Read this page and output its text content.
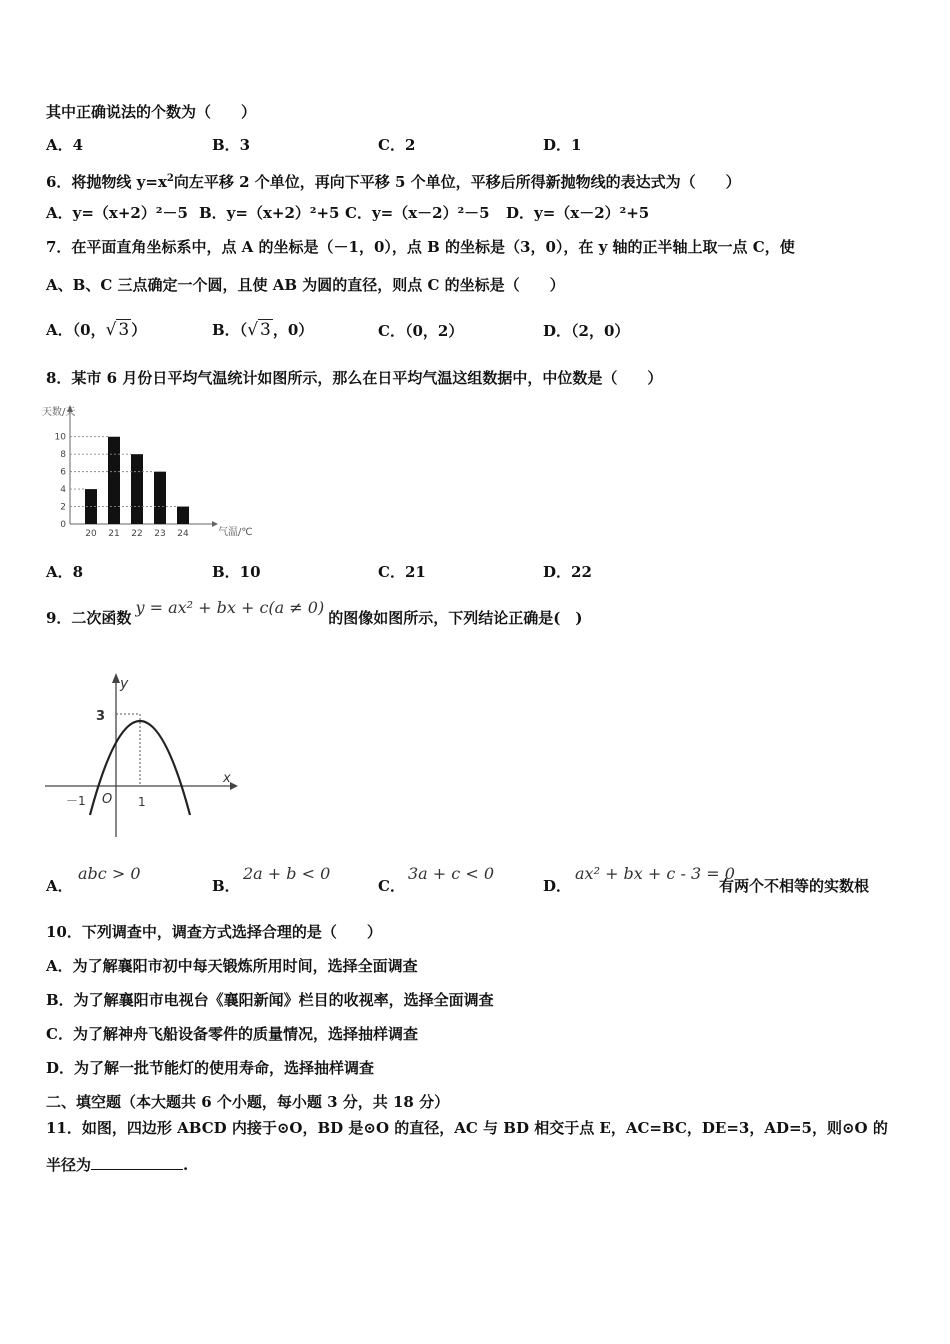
其中正确说法的个数为（　　）
A．4	B．3	C．2	D．1
6．将抛物线 $y=x^2$向左平移 2 个单位，再向下平移 5 个单位，平移后所得新抛物线的表达式为（　　）
A．y=（x+2）²－5 B．y=（x+2）²+5 C．y=（x－2）²－5 D．y=（x－2）²+5
7．在平面直角坐标系中，点 A 的坐标是（－1，0），点 B 的坐标是（3，0），在 y 轴的正半轴上取一点 C，使
A、B、C 三点确定一个圆，且使 AB 为圆的直径，则点 C 的坐标是（　　）
A．（0，√ 3 ）	B．（√ 3 ，0）	C．（0，2）	D．（2，0）
8．某市 6 月份日平均气温统计如图所示，那么在日平均气温这组数据中，中位数是（　　）
天数/天
气温/℃
0
2
4
6
8
10
20 21 22 23 24
A．8	B．10	C．21	D．22
9．二次函数y = ax² + bx + c(a ≠ 0)的图像如图所示，下列结论正确是(　)
y
x
3
O
－1	1
A．
abc > 0
B．
2a + b < 0
C．
3a + c < 0
D．
ax² + bx + c - 3 = 0
有两个不相等的实数根
10．下列调查中，调查方式选择合理的是（　　）
A．为了解襄阳市初中每天锻炼所用时间，选择全面调查
B．为了解襄阳市电视台《襄阳新闻》栏目的收视率，选择全面调查
C．为了解神舟飞船设备零件的质量情况，选择抽样调查
D．为了解一批节能灯的使用寿命，选择抽样调查
二、填空题（本大题共 6 个小题，每小题 3 分，共 18 分）
11．如图，四边形 ABCD 内接于⊙O，BD 是⊙O 的直径，AC 与 BD 相交于点 E，AC=BC，DE=3，AD=5，则⊙O 的
半径为	.
